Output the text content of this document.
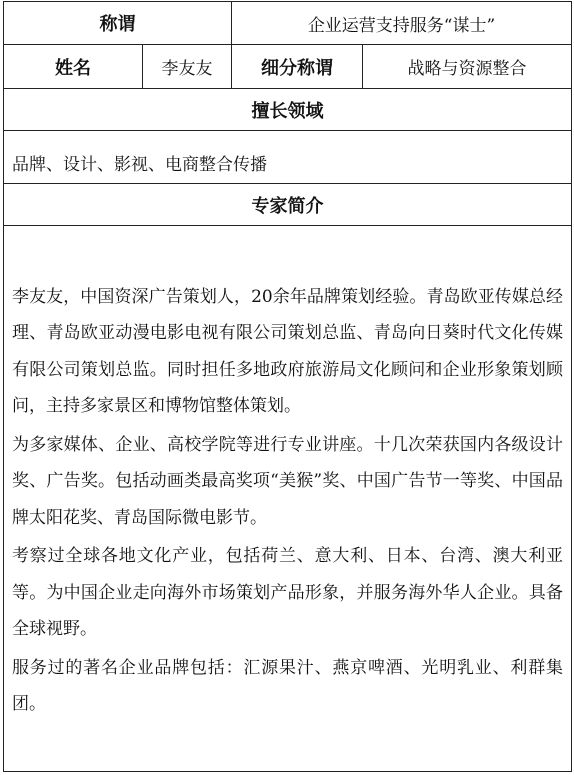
称谓		企业运营支持服务“谋士”	
姓名	李友友	细分称谓	战略与资源整合
擅长领域			

品牌、设计、影视、电商整合传播			

专家简介			

李友友，中国资深广告策划人，20余年品牌策划经验。青岛欧亚传媒总经理、青岛欧亚动漫电影电视有限公司策划总监、青岛向日葵时代文化传媒有限公司策划总监。同时担任多地政府旅游局文化顾问和企业形象策划顾问，主持多家景区和博物馆整体策划。

为多家媒体、企业、高校学院等进行专业讲座。十几次荣获国内各级设计奖、广告奖。包括动画类最高奖项“美猴”奖、中国广告节一等奖、中国品牌太阳花奖、青岛国际微电影节。

考察过全球各地文化产业，包括荷兰、意大利、日本、台湾、澳大利亚等。为中国企业走向海外市场策划产品形象，并服务海外华人企业。具备全球视野。

服务过的著名企业品牌包括：汇源果汁、燕京啤酒、光明乳业、利群集团。			
